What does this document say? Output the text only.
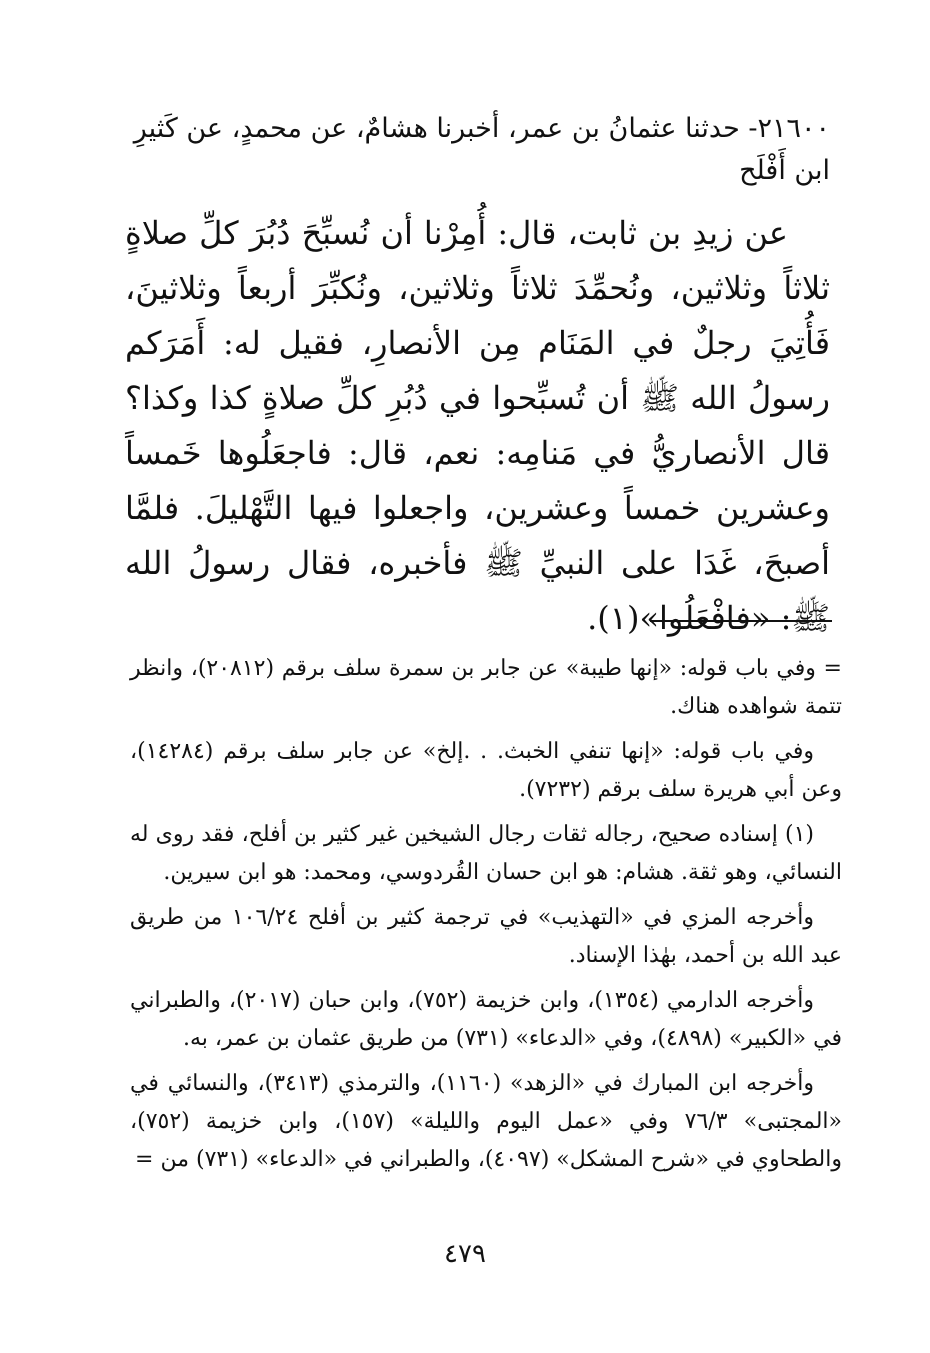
٢١٦٠٠- حدثنا عثمانُ بن عمر، أخبرنا هشامٌ، عن محمدٍ، عن كَثيرِ

ابن أَفْلَح

عن زيدِ بن ثابت، قال: أُمِرْنا أن نُسبِّحَ دُبُرَ كلِّ صلاةٍ ثلاثاً وثلاثين، ونُحمِّدَ ثلاثاً وثلاثين، ونُكبِّرَ أربعاً وثلاثينَ، فَأُتِيَ رجلٌ في المَنَام مِن الأنصارِ، فقيل له: أَمَرَكم رسولُ الله ﷺ أن تُسبِّحوا في دُبُرِ كلِّ صلاةٍ كذا وكذا؟ قال الأنصاريُّ في مَنامِه: نعم، قال: فاجعَلُوها خَمساً وعشرين خمساً وعشرين، واجعلوا فيها التَّهْليلَ. فلمَّا أصبحَ، غَدَا على النبيِّ ﷺ فأخبره، فقال رسولُ الله ﷺ: «فافْعَلُوا»(١).

= وفي باب قوله: «إنها طيبة» عن جابر بن سمرة سلف برقم (٢٠٨١٢)، وانظر تتمة شواهده هناك.

وفي باب قوله: «إنها تنفي الخبث. . .إلخ» عن جابر سلف برقم (١٤٢٨٤)، وعن أبي هريرة سلف برقم (٧٢٣٢).

(١) إسناده صحيح، رجاله ثقات رجال الشيخين غير كثير بن أفلح، فقد روى له النسائي، وهو ثقة. هشام: هو ابن حسان القُردوسي، ومحمد: هو ابن سيرين.

وأخرجه المزي في «التهذيب» في ترجمة كثير بن أفلح ١٠٦/٢٤ من طريق عبد الله بن أحمد، بهٰذا الإسناد.

وأخرجه الدارمي (١٣٥٤)، وابن خزيمة (٧٥٢)، وابن حبان (٢٠١٧)، والطبراني في «الكبير» (٤٨٩٨)، وفي «الدعاء» (٧٣١) من طريق عثمان بن عمر، به.

وأخرجه ابن المبارك في «الزهد» (١١٦٠)، والترمذي (٣٤١٣)، والنسائي في «المجتبى» ٧٦/٣ وفي «عمل اليوم والليلة» (١٥٧)، وابن خزيمة (٧٥٢)، والطحاوي في «شرح المشكل» (٤٠٩٧)، والطبراني في «الدعاء» (٧٣١) من =

٤٧٩
